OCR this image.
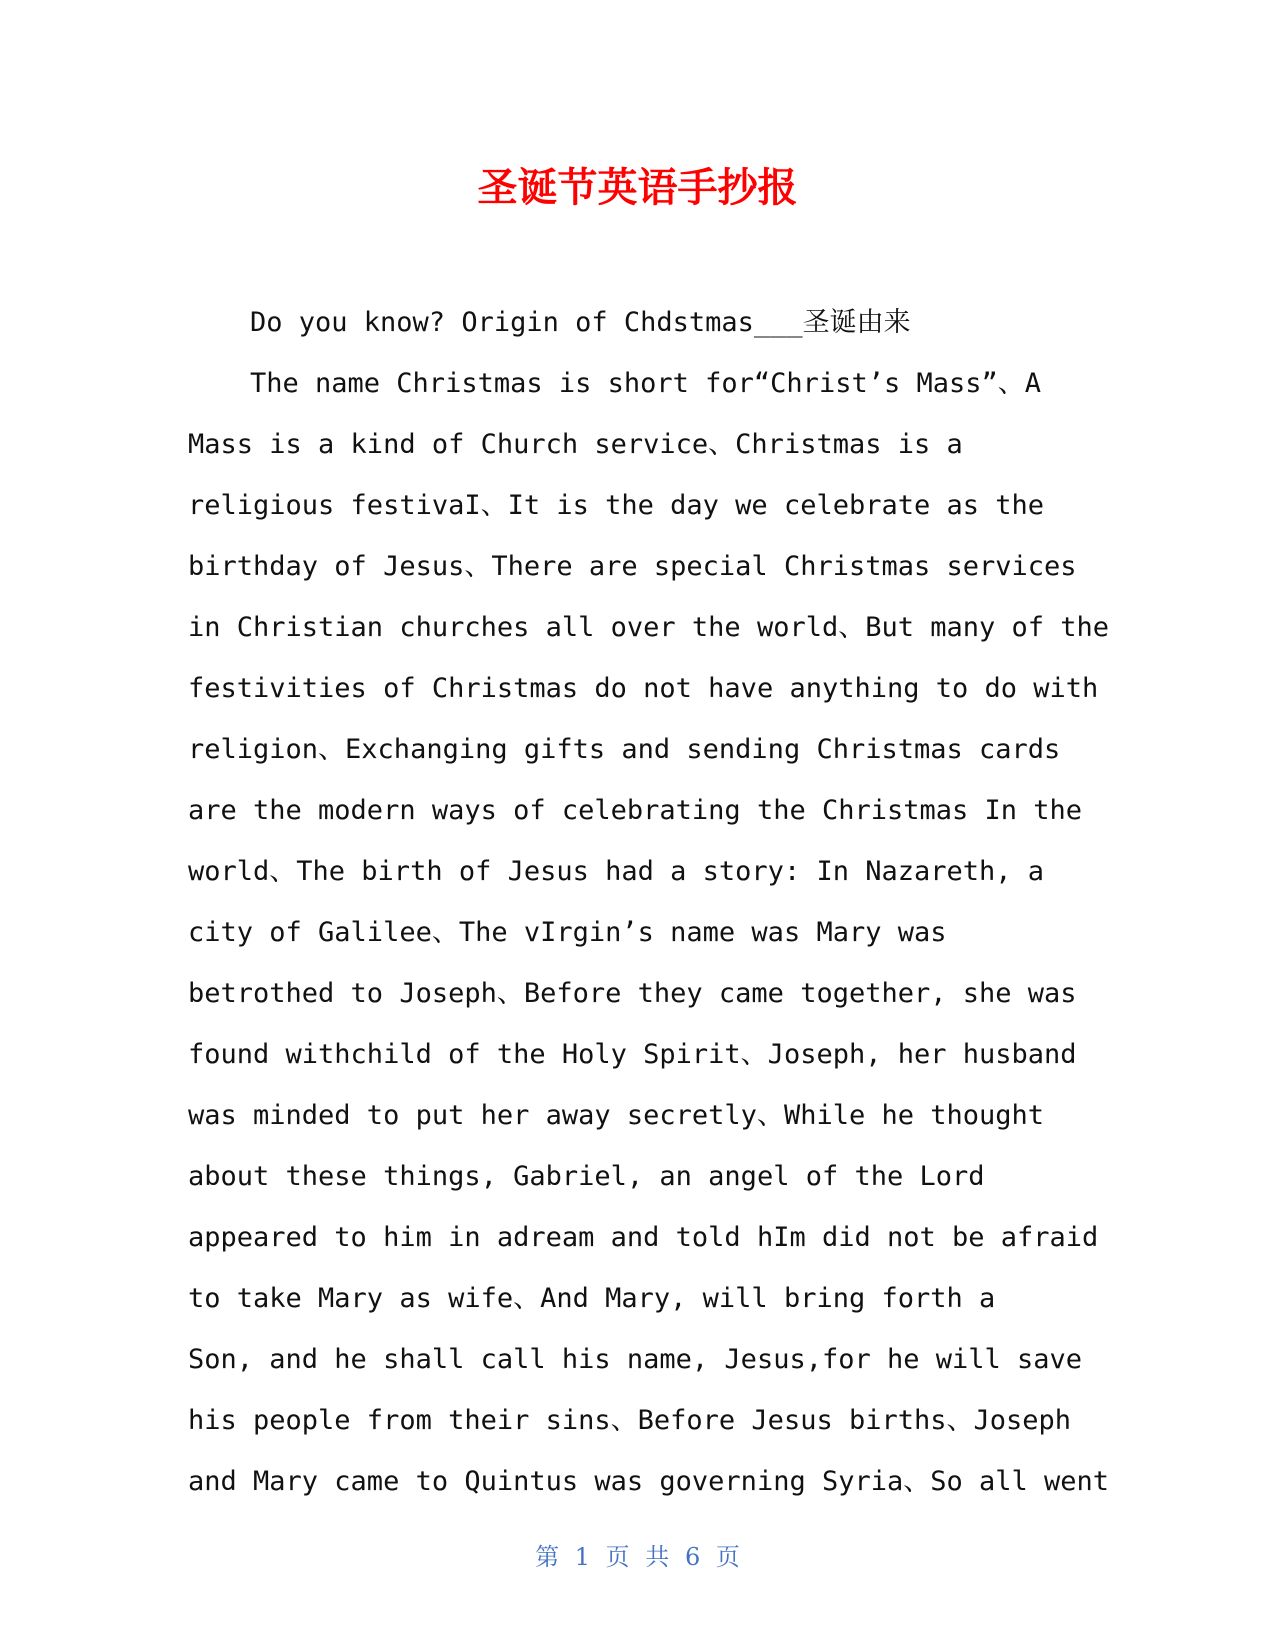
圣诞节英语手抄报
Do you know? Origin of Chdstmas___圣诞由来
The name Christmas is short for“Christ’s Mass”、A
Mass is a kind of Church service、Christmas is a
religious festivaI、It is the day we celebrate as the
birthday of Jesus、There are special Christmas services
in Christian churches all over the world、But many of the
festivities of Christmas do not have anything to do with
religion、Exchanging gifts and sending Christmas cards
are the modern ways of celebrating the Christmas In the
world、The birth of Jesus had a story: In Nazareth, a
city of Galilee、The vIrgin’s name was Mary was
betrothed to Joseph、Before they came together, she was
found withchild of the Holy Spirit、Joseph, her husband
was minded to put her away secretly、While he thought
about these things, Gabriel, an angel of the Lord
appeared to him in adream and told hIm did not be afraid
to take Mary as wife、And Mary, will bring forth a
Son, and he shall call his name, Jesus,for he will save
his people from their sins、Before Jesus births、Joseph
and Mary came to Quintus was governing Syria、So all went
第 1 页 共 6 页
